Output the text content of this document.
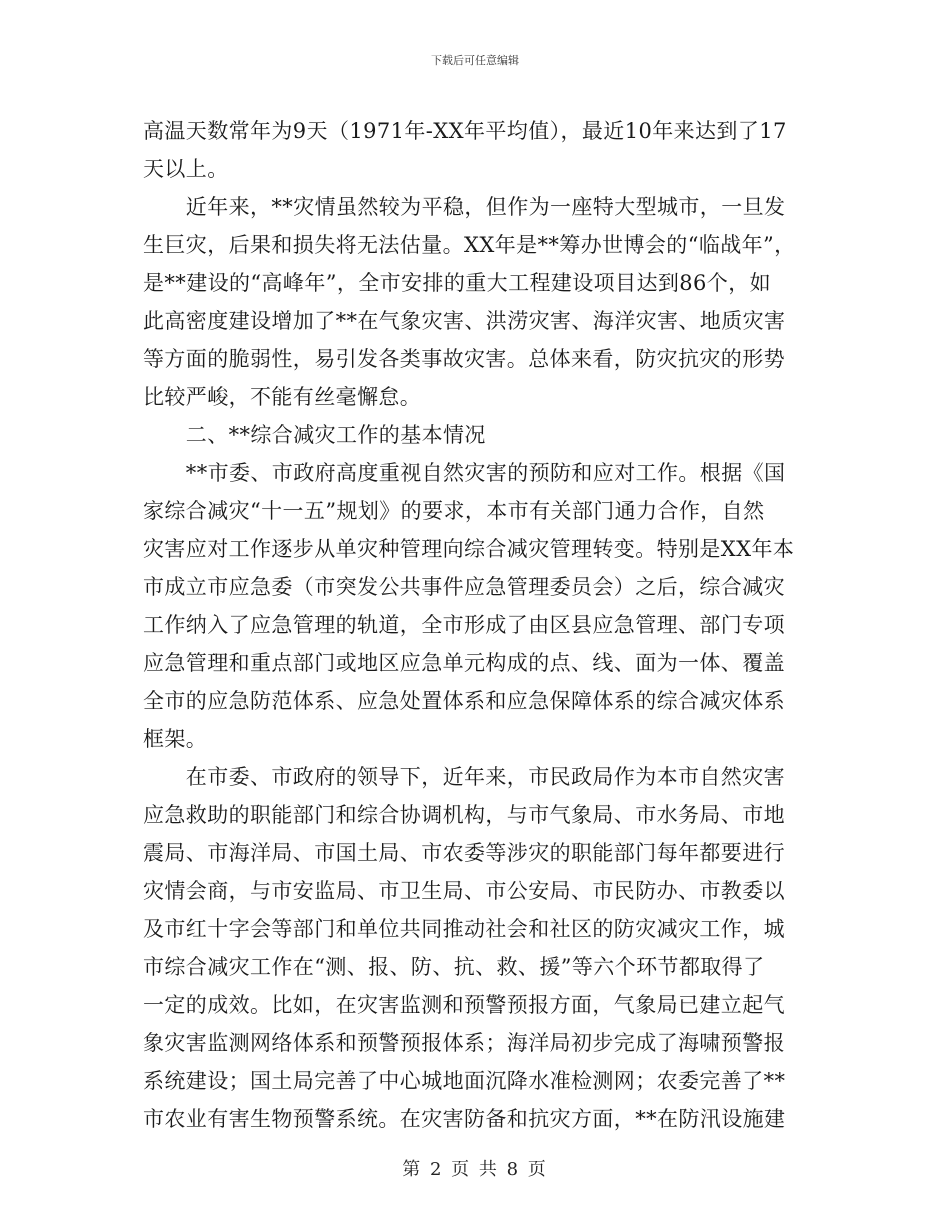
下载后可任意编辑
高温天数常年为9天（1971年-XX年平均值），最近10年来达到了17
天以上。
　　近年来，**灾情虽然较为平稳，但作为一座特大型城市，一旦发
生巨灾，后果和损失将无法估量。XX年是**筹办世博会的“临战年”，
是**建设的“高峰年”，全市安排的重大工程建设项目达到86个，如
此高密度建设增加了**在气象灾害、洪涝灾害、海洋灾害、地质灾害
等方面的脆弱性，易引发各类事故灾害。总体来看，防灾抗灾的形势
比较严峻，不能有丝毫懈怠。
　　二、**综合减灾工作的基本情况
　　**市委、市政府高度重视自然灾害的预防和应对工作。根据《国
家综合减灾“十一五”规划》的要求，本市有关部门通力合作，自然
灾害应对工作逐步从单灾种管理向综合减灾管理转变。特别是XX年本
市成立市应急委（市突发公共事件应急管理委员会）之后，综合减灾
工作纳入了应急管理的轨道，全市形成了由区县应急管理、部门专项
应急管理和重点部门或地区应急单元构成的点、线、面为一体、覆盖
全市的应急防范体系、应急处置体系和应急保障体系的综合减灾体系
框架。
　　在市委、市政府的领导下，近年来，市民政局作为本市自然灾害
应急救助的职能部门和综合协调机构，与市气象局、市水务局、市地
震局、市海洋局、市国土局、市农委等涉灾的职能部门每年都要进行
灾情会商，与市安监局、市卫生局、市公安局、市民防办、市教委以
及市红十字会等部门和单位共同推动社会和社区的防灾减灾工作，城
市综合减灾工作在“测、报、防、抗、救、援”等六个环节都取得了
一定的成效。比如，在灾害监测和预警预报方面，气象局已建立起气
象灾害监测网络体系和预警预报体系；海洋局初步完成了海啸预警报
系统建设；国土局完善了中心城地面沉降水准检测网；农委完善了**
市农业有害生物预警系统。在灾害防备和抗灾方面，**在防汛设施建
第 2 页 共 8 页
